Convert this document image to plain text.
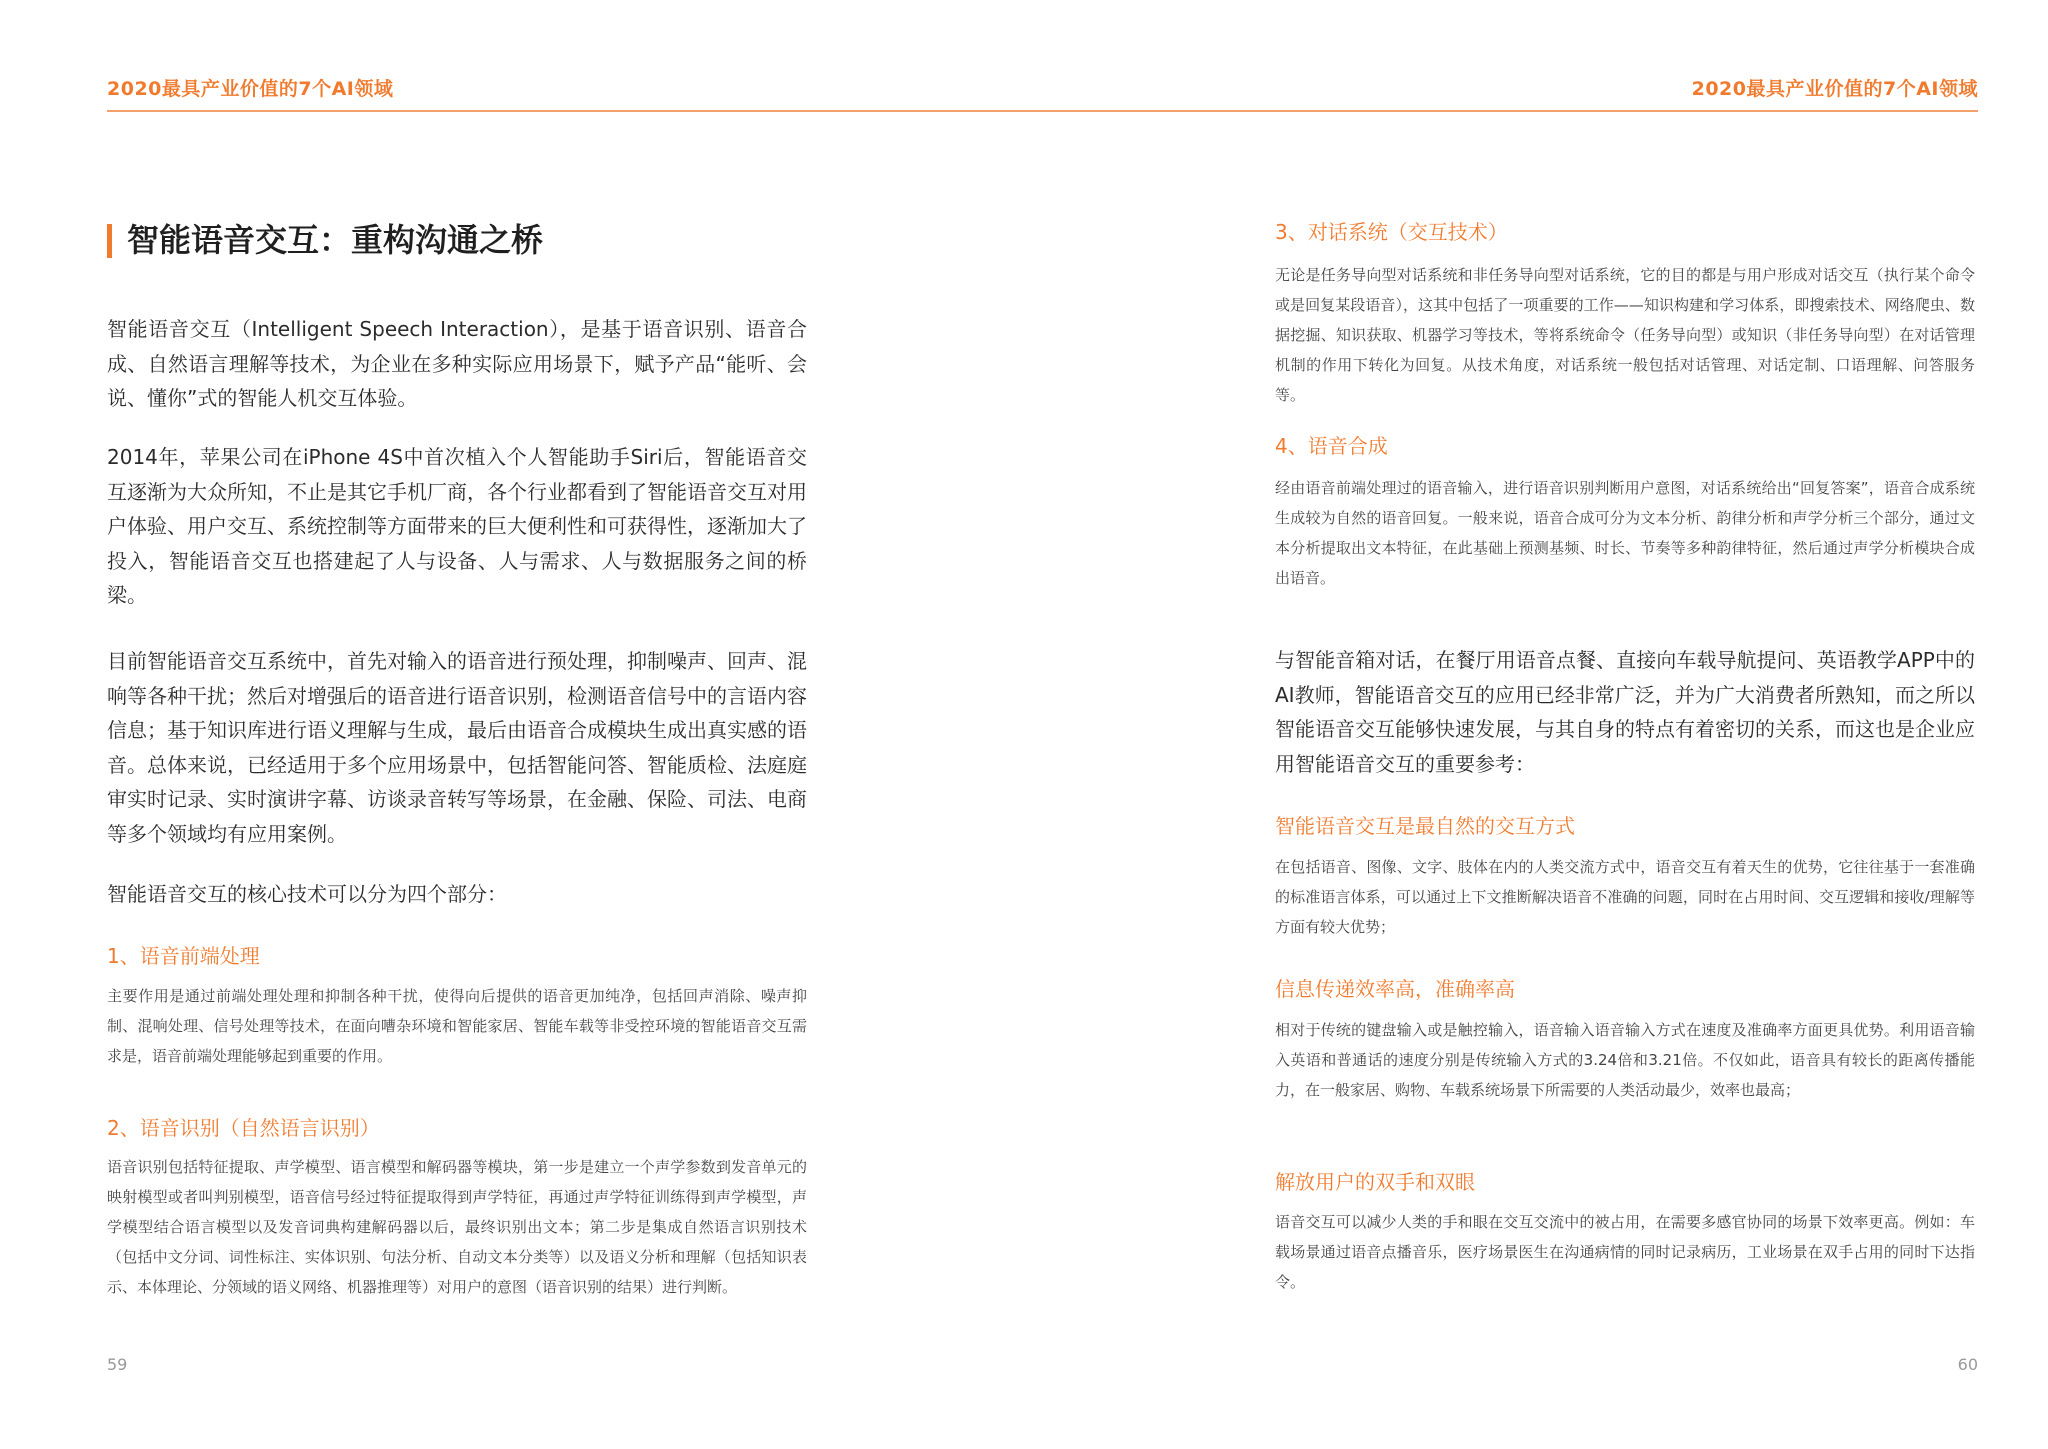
2020最具产业价值的7个AI领域	2020最具产业价值的7个AI领域
智能语音交互：重构沟通之桥

智能语音交互（Intelligent Speech Interaction），是基于语音识别、语音合成、自然语言理解等技术，为企业在多种实际应用场景下，赋予产品“能听、会说、懂你”式的智能人机交互体验。

2014年，苹果公司在iPhone 4S中首次植入个人智能助手Siri后，智能语音交互逐渐为大众所知，不止是其它手机厂商，各个行业都看到了智能语音交互对用户体验、用户交互、系统控制等方面带来的巨大便利性和可获得性，逐渐加大了投入，智能语音交互也搭建起了人与设备、人与需求、人与数据服务之间的桥梁。

目前智能语音交互系统中，首先对输入的语音进行预处理，抑制噪声、回声、混响等各种干扰；然后对增强后的语音进行语音识别，检测语音信号中的言语内容信息；基于知识库进行语义理解与生成，最后由语音合成模块生成出真实感的语音。总体来说，已经适用于多个应用场景中，包括智能问答、智能质检、法庭庭审实时记录、实时演讲字幕、访谈录音转写等场景，在金融、保险、司法、电商等多个领域均有应用案例。

智能语音交互的核心技术可以分为四个部分：

1、语音前端处理

主要作用是通过前端处理处理和抑制各种干扰，使得向后提供的语音更加纯净，包括回声消除、噪声抑制、混响处理、信号处理等技术，在面向嘈杂环境和智能家居、智能车载等非受控环境的智能语音交互需求是，语音前端处理能够起到重要的作用。

2、语音识别（自然语言识别）

语音识别包括特征提取、声学模型、语言模型和解码器等模块，第一步是建立一个声学参数到发音单元的映射模型或者叫判别模型，语音信号经过特征提取得到声学特征，再通过声学特征训练得到声学模型，声学模型结合语言模型以及发音词典构建解码器以后，最终识别出文本；第二步是集成自然语言识别技术（包括中文分词、词性标注、实体识别、句法分析、自动文本分类等）以及语义分析和理解（包括知识表示、本体理论、分领域的语义网络、机器推理等）对用户的意图（语音识别的结果）进行判断。

59
3、对话系统（交互技术）

无论是任务导向型对话系统和非任务导向型对话系统，它的目的都是与用户形成对话交互（执行某个命令或是回复某段语音），这其中包括了一项重要的工作——知识构建和学习体系，即搜索技术、网络爬虫、数据挖掘、知识获取、机器学习等技术，等将系统命令（任务导向型）或知识（非任务导向型）在对话管理机制的作用下转化为回复。从技术角度，对话系统一般包括对话管理、对话定制、口语理解、问答服务等。

4、语音合成

经由语音前端处理过的语音输入，进行语音识别判断用户意图，对话系统给出“回复答案”，语音合成系统生成较为自然的语音回复。一般来说，语音合成可分为文本分析、韵律分析和声学分析三个部分，通过文本分析提取出文本特征，在此基础上预测基频、时长、节奏等多种韵律特征，然后通过声学分析模块合成出语音。

与智能音箱对话，在餐厅用语音点餐、直接向车载导航提问、英语教学APP中的AI教师，智能语音交互的应用已经非常广泛，并为广大消费者所熟知，而之所以智能语音交互能够快速发展，与其自身的特点有着密切的关系，而这也是企业应用智能语音交互的重要参考：

智能语音交互是最自然的交互方式

在包括语音、图像、文字、肢体在内的人类交流方式中，语音交互有着天生的优势，它往往基于一套准确的标准语言体系，可以通过上下文推断解决语音不准确的问题，同时在占用时间、交互逻辑和接收/理解等方面有较大优势；

信息传递效率高，准确率高

相对于传统的键盘输入或是触控输入，语音输入语音输入方式在速度及准确率方面更具优势。利用语音输入英语和普通话的速度分别是传统输入方式的3.24倍和3.21倍。不仅如此，语音具有较长的距离传播能力，在一般家居、购物、车载系统场景下所需要的人类活动最少，效率也最高；

解放用户的双手和双眼

语音交互可以减少人类的手和眼在交互交流中的被占用，在需要多感官协同的场景下效率更高。例如：车载场景通过语音点播音乐，医疗场景医生在沟通病情的同时记录病历，工业场景在双手占用的同时下达指令。

60
